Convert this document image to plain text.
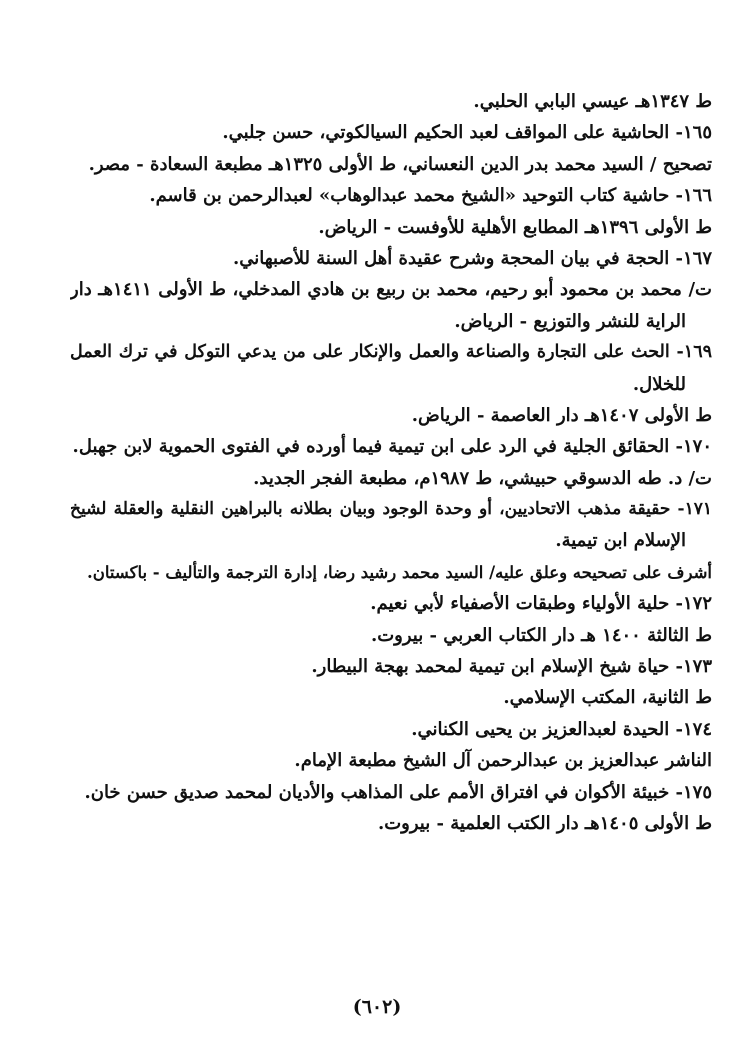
ط ١٣٤٧هـ عيسي البابي الحلبي.
١٦٥- الحاشية على المواقف لعبد الحكيم السيالكوتي، حسن جلبي.
تصحيح / السيد محمد بدر الدين النعساني، ط الأولى ١٣٢٥هـ مطبعة السعادة - مصر.
١٦٦- حاشية كتاب التوحيد «الشيخ محمد عبدالوهاب» لعبدالرحمن بن قاسم.
ط الأولى ١٣٩٦هـ المطابع الأهلية للأوفست - الرياض.
١٦٧- الحجة في بيان المحجة وشرح عقيدة أهل السنة للأصبهاني.
ت/ محمد بن محمود أبو رحيم، محمد بن ربيع بن هادي المدخلي، ط الأولى ١٤١١هـ دار
الراية للنشر والتوزيع - الرياض.
١٦٩- الحث على التجارة والصناعة والعمل والإنكار على من يدعي التوكل في ترك العمل
للخلال.
ط الأولى ١٤٠٧هـ دار العاصمة - الرياض.
١٧٠- الحقائق الجلية في الرد على ابن تيمية فيما أورده في الفتوى الحموية لابن جهبل.
ت/ د. طه الدسوقي حبيشي، ط ١٩٨٧م، مطبعة الفجر الجديد.
١٧١- حقيقة مذهب الاتحاديين، أو وحدة الوجود وبيان بطلانه بالبراهين النقلية والعقلة لشيخ
الإسلام ابن تيمية.
أشرف على تصحيحه وعلق عليه/ السيد محمد رشيد رضا، إدارة الترجمة والتأليف - باكستان.
١٧٢- حلية الأولياء وطبقات الأصفياء لأبي نعيم.
ط الثالثة ١٤٠٠ هـ دار الكتاب العربي - بيروت.
١٧٣- حياة شيخ الإسلام ابن تيمية لمحمد بهجة البيطار.
ط الثانية، المكتب الإسلامي.
١٧٤- الحيدة لعبدالعزيز بن يحيى الكناني.
الناشر عبدالعزيز بن عبدالرحمن آل الشيخ مطبعة الإمام.
١٧٥- خبيئة الأكوان في افتراق الأمم على المذاهب والأديان لمحمد صديق حسن خان.
ط الأولى ١٤٠٥هـ دار الكتب العلمية - بيروت.
(٦٠٢)
